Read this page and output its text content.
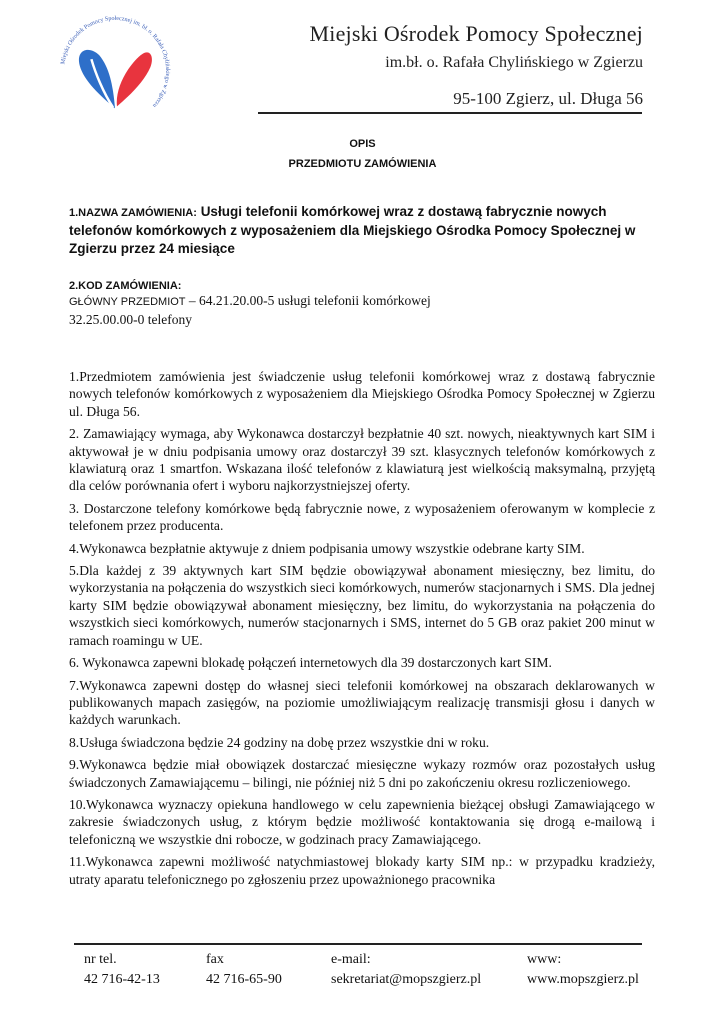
Miejski Ośrodek Pomocy Społecznej im. bł. o. Rafała Chylińskiego w Zgierzu
Miejski Ośrodek Pomocy Społecznej
im.bł. o. Rafała Chylińskiego w Zgierzu
95-100 Zgierz, ul. Długa 56
OPIS
PRZEDMIOTU ZAMÓWIENIA
1.NAZWA ZAMÓWIENIA: Usługi telefonii komórkowej wraz z dostawą fabrycznie nowych telefonów komórkowych z wyposażeniem dla Miejskiego Ośrodka Pomocy Społecznej w Zgierzu przez 24 miesiące
2.KOD ZAMÓWIENIA:
GŁÓWNY PRZEDMIOT – 64.21.20.00-5 usługi telefonii komórkowej
32.25.00.00-0 telefony

1.Przedmiotem zamówienia jest świadczenie usług telefonii komórkowej wraz z dostawą fabrycznie nowych telefonów komórkowych z wyposażeniem dla Miejskiego Ośrodka Pomocy Społecznej w Zgierzu ul. Długa 56.

2. Zamawiający wymaga, aby Wykonawca dostarczył bezpłatnie 40 szt. nowych, nieaktywnych kart SIM i aktywował je w dniu podpisania umowy oraz dostarczył 39 szt. klasycznych telefonów komórkowych z klawiaturą oraz 1 smartfon. Wskazana ilość telefonów z klawiaturą jest wielkością maksymalną, przyjętą dla celów porównania ofert i wyboru najkorzystniejszej oferty.

3. Dostarczone telefony komórkowe będą fabrycznie nowe, z wyposażeniem oferowanym w komplecie z telefonem przez producenta.

4.Wykonawca bezpłatnie aktywuje z dniem podpisania umowy wszystkie odebrane karty SIM.

5.Dla każdej z 39 aktywnych kart SIM będzie obowiązywał abonament miesięczny, bez limitu, do wykorzystania na połączenia do wszystkich sieci komórkowych, numerów stacjonarnych i SMS. Dla jednej karty SIM będzie obowiązywał abonament miesięczny, bez limitu, do wykorzystania na połączenia do wszystkich sieci komórkowych, numerów stacjonarnych i SMS, internet do 5 GB oraz pakiet 200 minut w ramach roamingu w UE.

6. Wykonawca zapewni blokadę połączeń internetowych dla 39 dostarczonych kart SIM.

7.Wykonawca zapewni dostęp do własnej sieci telefonii komórkowej na obszarach deklarowanych w publikowanych mapach zasięgów, na poziomie umożliwiającym realizację transmisji głosu i danych w każdych warunkach.

8.Usługa świadczona będzie 24 godziny na dobę przez wszystkie dni w roku.

9.Wykonawca będzie miał obowiązek dostarczać miesięczne wykazy rozmów oraz pozostałych usług świadczonych Zamawiającemu – bilingi, nie później niż 5 dni po zakończeniu okresu rozliczeniowego.

10.Wykonawca wyznaczy opiekuna handlowego w celu zapewnienia bieżącej obsługi Zamawiającego w zakresie świadczonych usług, z którym będzie możliwość kontaktowania się drogą e-mailową i telefoniczną we wszystkie dni robocze, w godzinach pracy Zamawiającego.

11.Wykonawca zapewni możliwość natychmiastowej blokady karty SIM np.: w przypadku kradzieży, utraty aparatu telefonicznego po zgłoszeniu przez upoważnionego pracownika

nr tel.
42 716-42-13
fax
42 716-65-90
e-mail:
sekretariat@mopszgierz.pl
www:
www.mopszgierz.pl
